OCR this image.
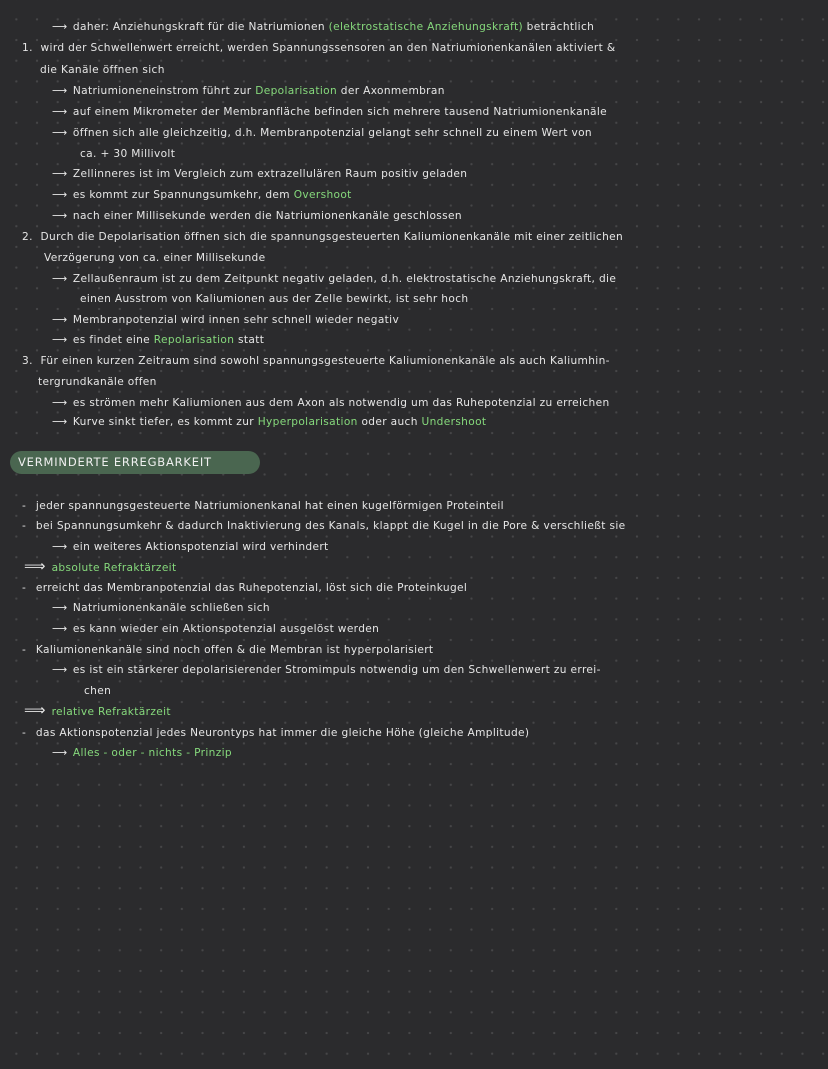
⟶ daher: Anziehungskraft für die Natriumionen (elektrostatische Anziehungskraft) beträchtlich
1. wird der Schwellenwert erreicht, werden Spannungssensoren an den Natriumionenkanälen aktiviert &
die Kanäle öffnen sich
⟶ Natriumioneneinstrom führt zur Depolarisation der Axonmembran
⟶ auf einem Mikrometer der Membranfläche befinden sich mehrere tausend Natriumionenkanäle
⟶ öffnen sich alle gleichzeitig, d.h. Membranpotenzial gelangt sehr schnell zu einem Wert von
ca. + 30 Millivolt
⟶ Zellinneres ist im Vergleich zum extrazellulären Raum positiv geladen
⟶ es kommt zur Spannungsumkehr, dem Overshoot
⟶ nach einer Millisekunde werden die Natriumionenkanäle geschlossen
2. Durch die Depolarisation öffnen sich die spannungsgesteuerten Kaliumionenkanäle mit einer zeitlichen
Verzögerung von ca. einer Millisekunde
⟶ Zellaußenraum ist zu dem Zeitpunkt negativ geladen, d.h. elektrostatische Anziehungskraft, die
einen Ausstrom von Kaliumionen aus der Zelle bewirkt, ist sehr hoch
⟶ Membranpotenzial wird innen sehr schnell wieder negativ
⟶ es findet eine Repolarisation statt
3. Für einen kurzen Zeitraum sind sowohl spannungsgesteuerte Kaliumionenkanäle als auch Kaliumhin-
tergrundkanäle offen
⟶ es strömen mehr Kaliumionen aus dem Axon als notwendig um das Ruhepotenzial zu erreichen
⟶ Kurve sinkt tiefer, es kommt zur Hyperpolarisation oder auch Undershoot
VERMINDERTE ERREGBARKEIT
- jeder spannungsgesteuerte Natriumionenkanal hat einen kugelförmigen Proteinteil
- bei Spannungsumkehr & dadurch Inaktivierung des Kanals, klappt die Kugel in die Pore & verschließt sie
⟶ ein weiteres Aktionspotenzial wird verhindert
⟹ absolute Refraktärzeit
- erreicht das Membranpotenzial das Ruhepotenzial, löst sich die Proteinkugel
⟶ Natriumionenkanäle schließen sich
⟶ es kann wieder ein Aktionspotenzial ausgelöst werden
- Kaliumionenkanäle sind noch offen & die Membran ist hyperpolarisiert
⟶ es ist ein stärkerer depolarisierender Stromimpuls notwendig um den Schwellenwert zu errei-
chen
⟹ relative Refraktärzeit
- das Aktionspotenzial jedes Neurontyps hat immer die gleiche Höhe (gleiche Amplitude)
⟶ Alles - oder - nichts - Prinzip
